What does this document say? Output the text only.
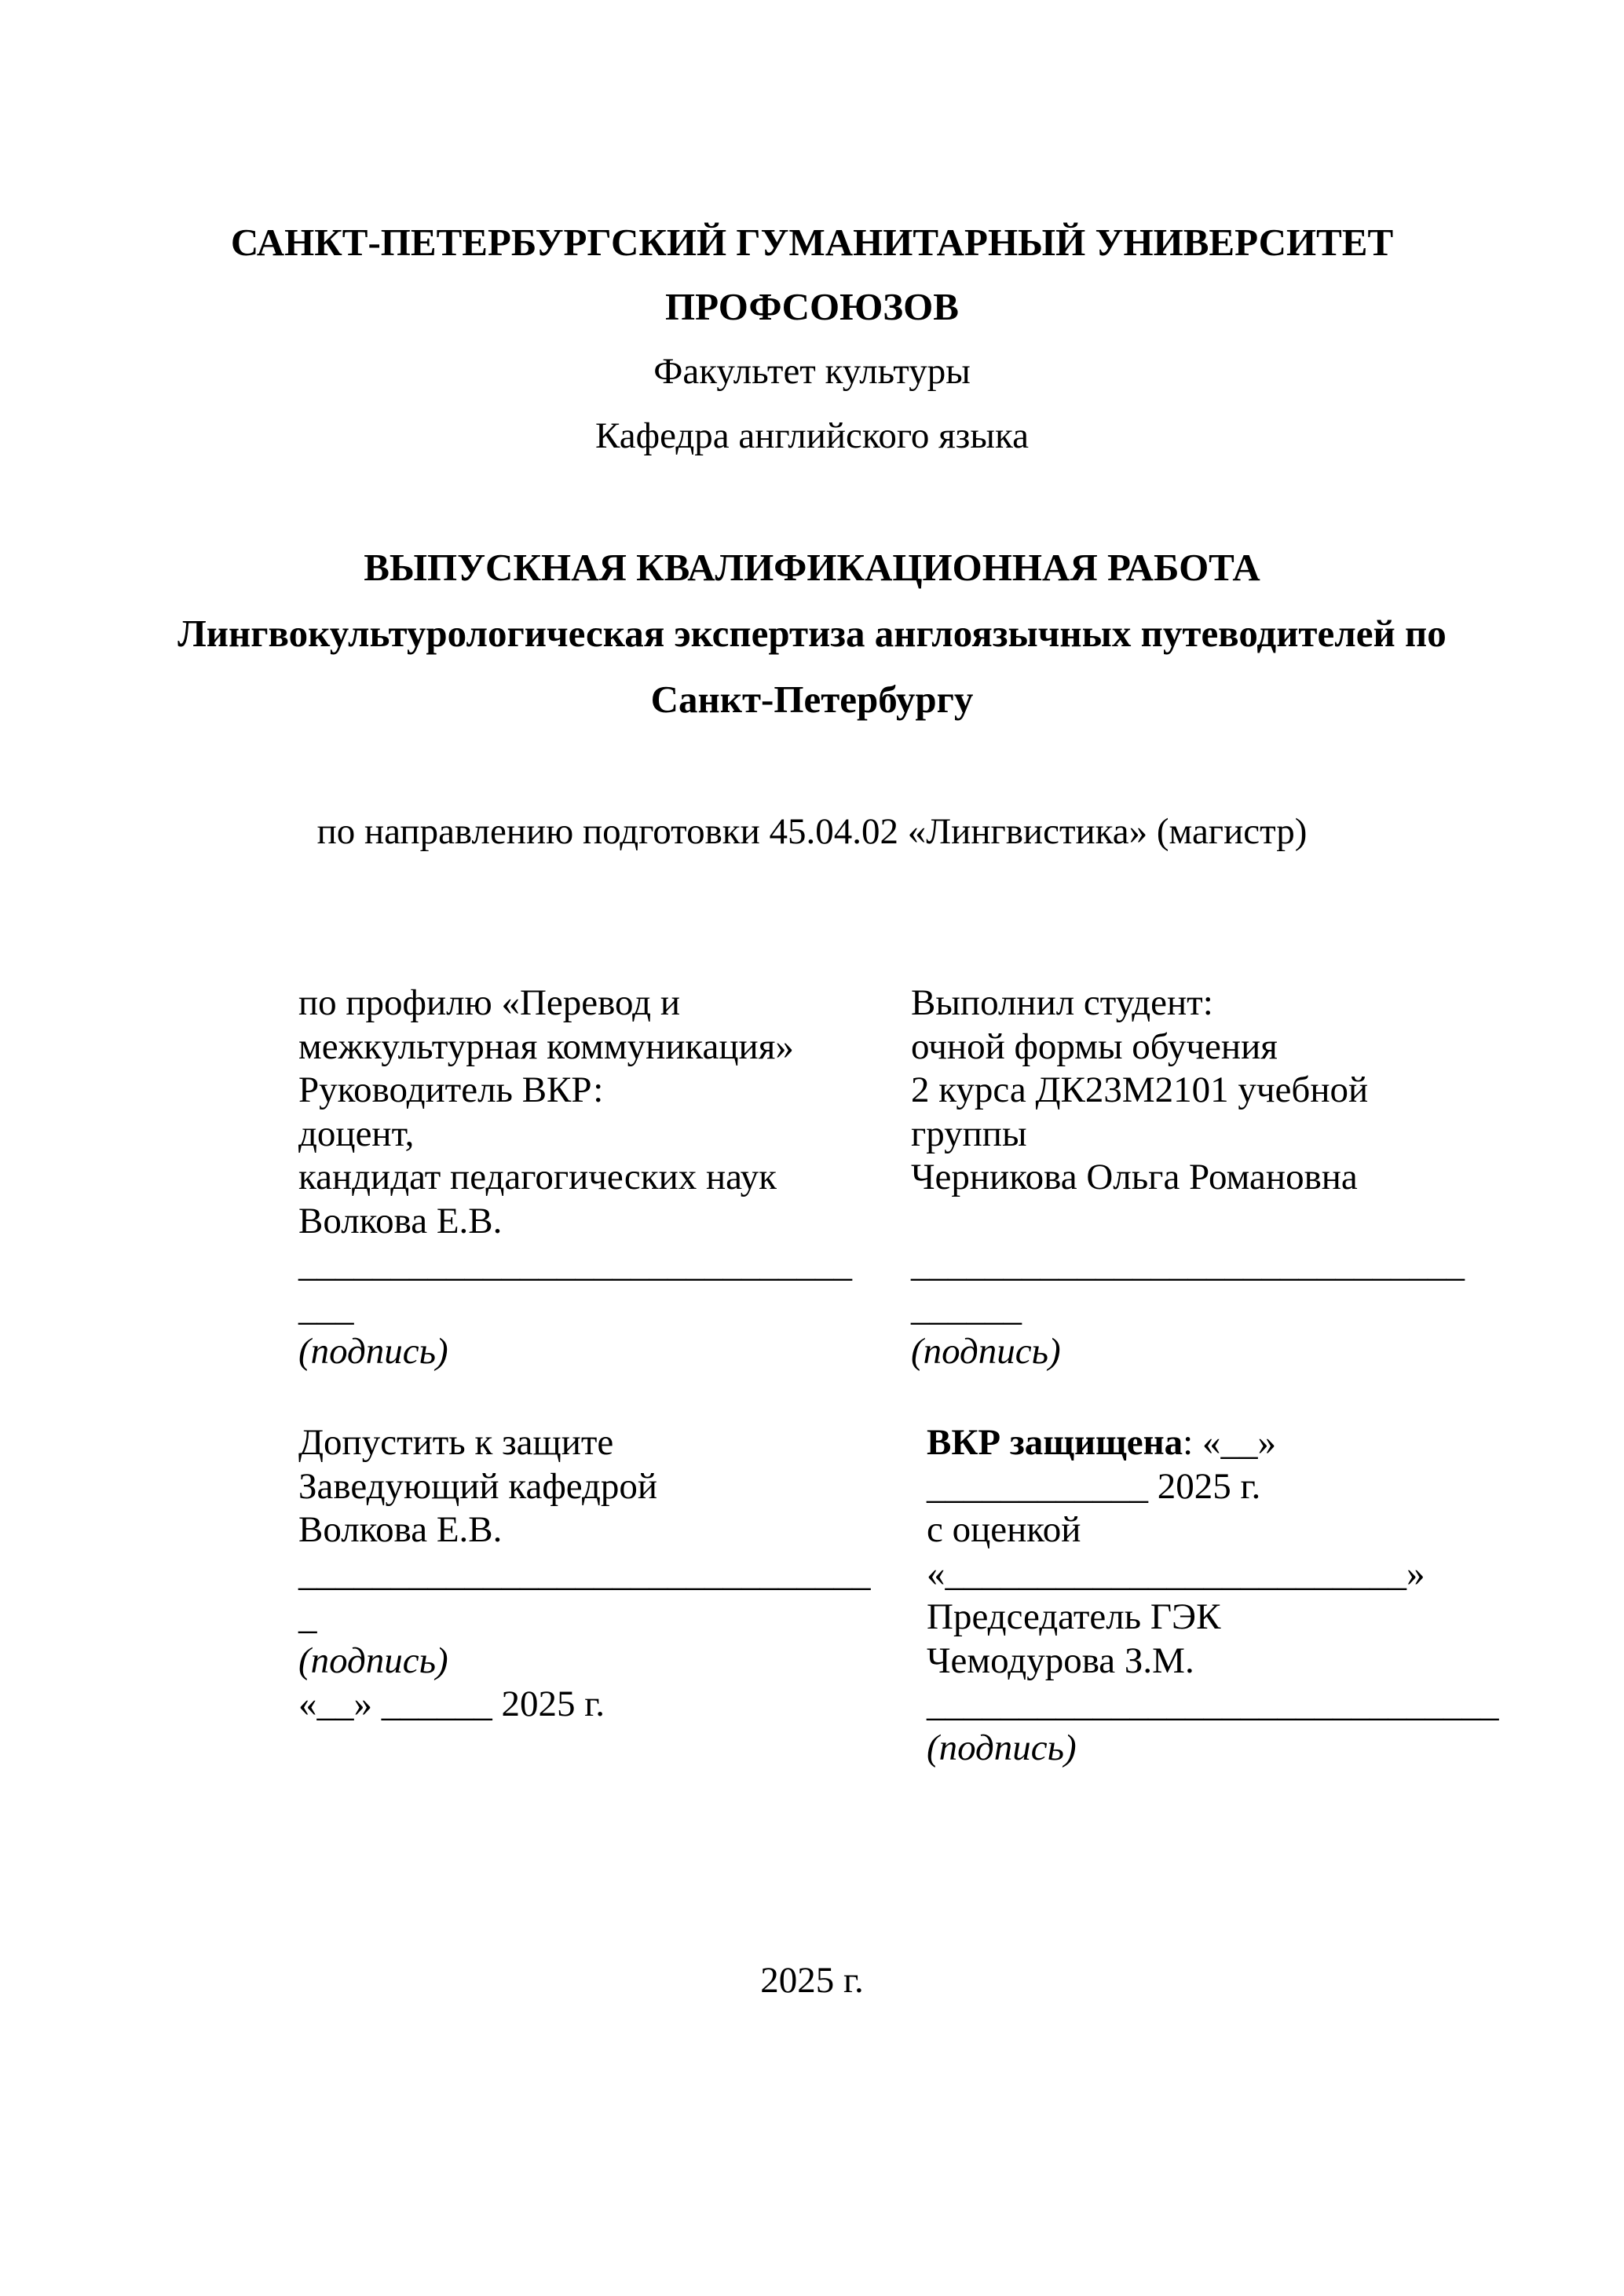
САНКТ-ПЕТЕРБУРГСКИЙ ГУМАНИТАРНЫЙ УНИВЕРСИТЕТ
ПРОФСОЮЗОВ
Факультет культуры
Кафедра английского языка
ВЫПУСКНАЯ КВАЛИФИКАЦИОННАЯ РАБОТА
Лингвокультурологическая экспертиза англоязычных путеводителей по
Санкт-Петербургу
по направлению подготовки 45.04.02 «Лингвистика» (магистр)
по профилю «Перевод и
межкультурная коммуникация»
Руководитель ВКР:
доцент,
кандидат педагогических наук
Волкова Е.В.
______________________________
___
(подпись)
Выполнил студент:
очной формы обучения
2 курса ДК23М2101 учебной
группы
Черникова Ольга Романовна
______________________________
______
(подпись)
Допустить к защите
Заведующий кафедрой
Волкова Е.В.
_______________________________
_
(подпись)
«__» ______ 2025 г.
ВКР защищена: «__»
____________ 2025 г.
с оценкой
«_________________________»
Председатель ГЭК
Чемодурова З.М.
_______________________________
(подпись)
2025 г.
